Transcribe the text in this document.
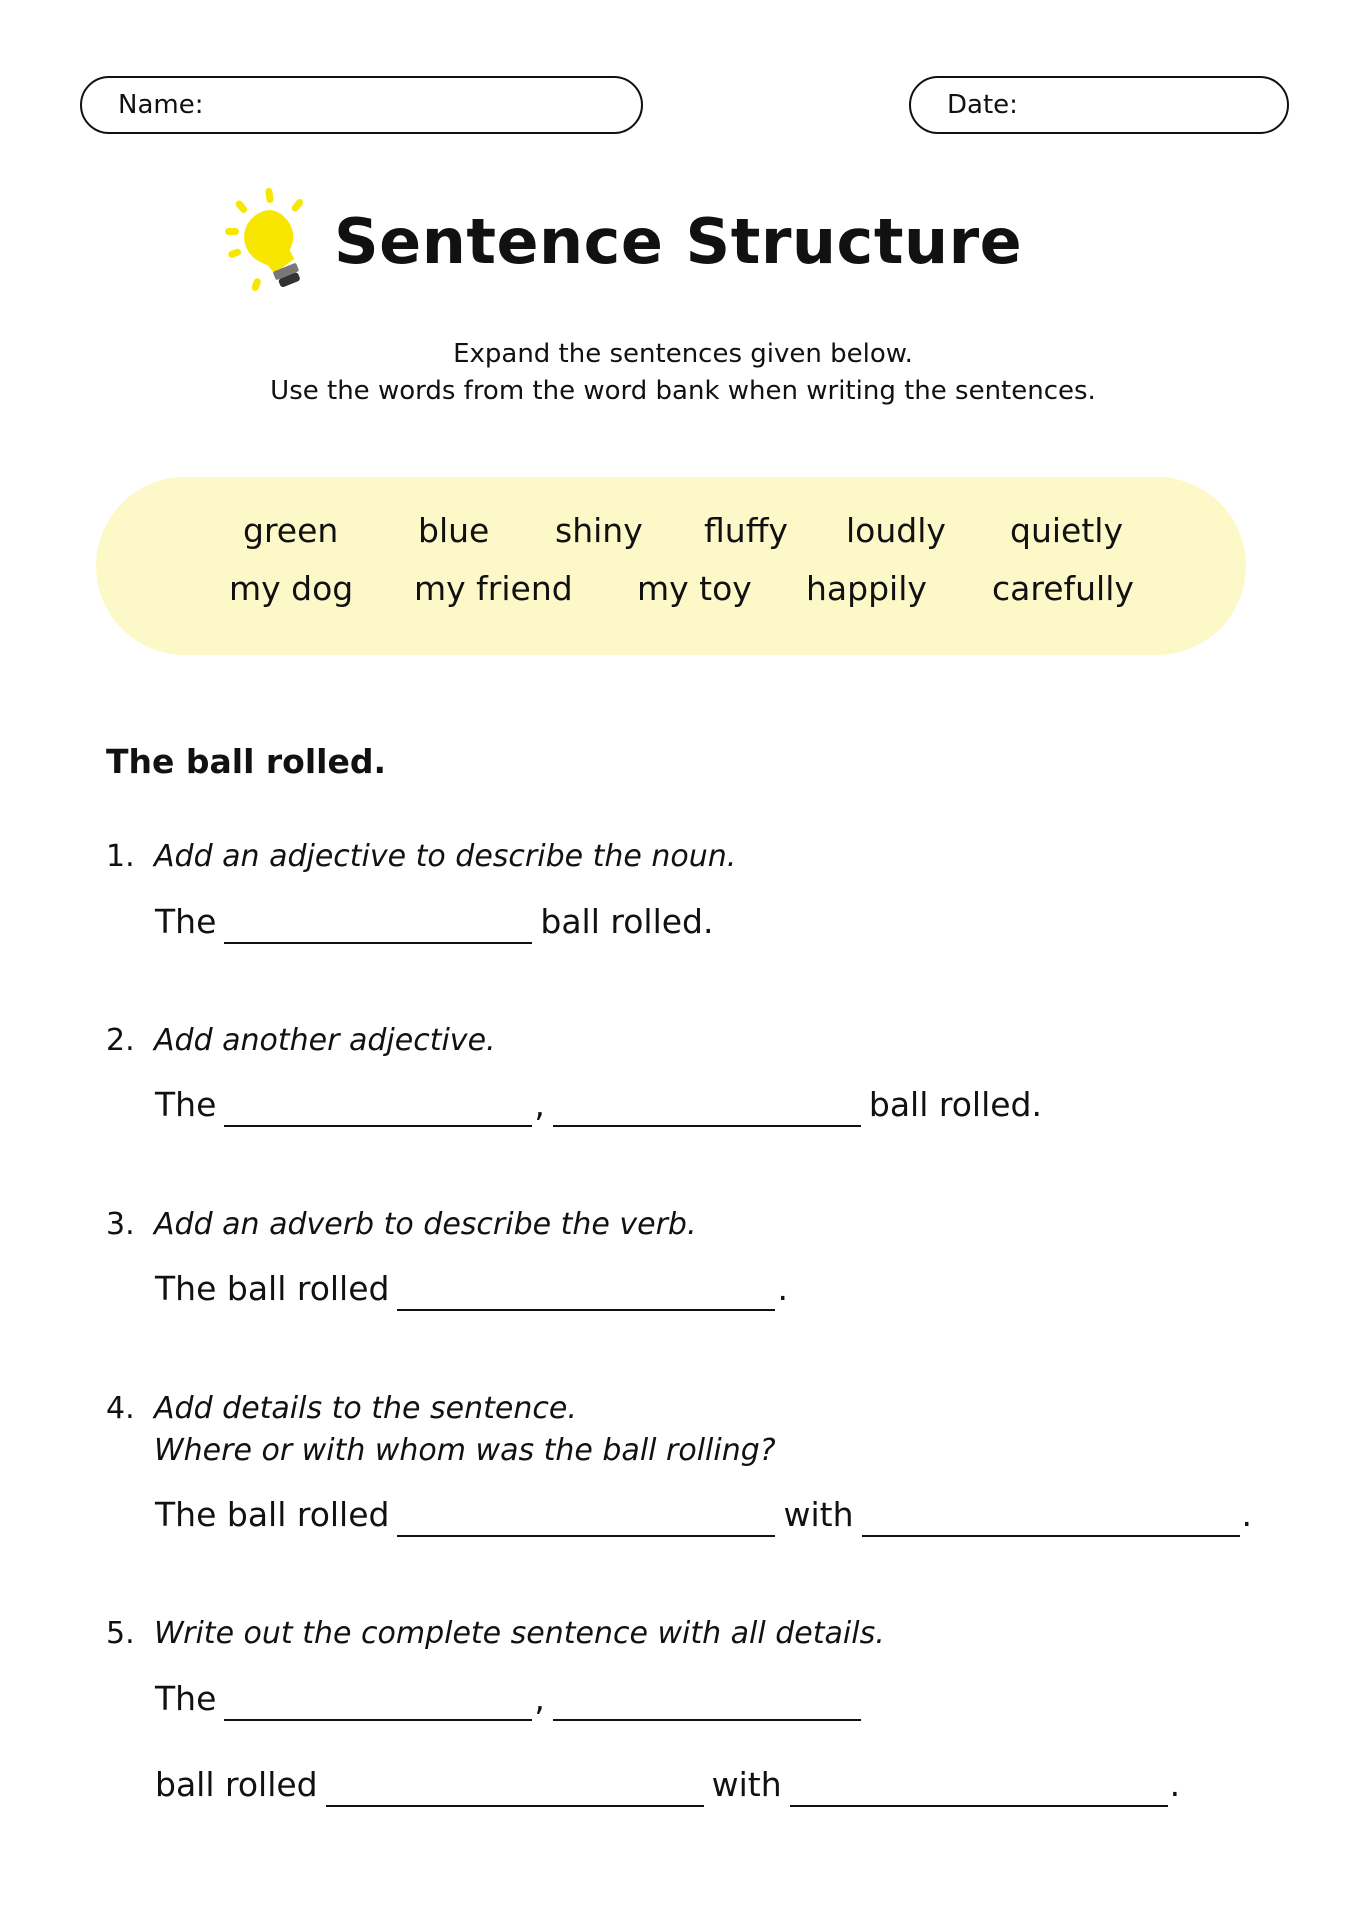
Name:	Date:
Sentence Structure
Expand the sentences given below.
Use the words from the word bank when writing the sentences.
green blue shiny fluffy loudly quietly
my dog my friend my toy happily carefully
The ball rolled.
1. Add an adjective to describe the noun.
The	ball rolled.
2. Add another adjective.
The	,	ball rolled.
3. Add an adverb to describe the verb.
The ball rolled	.
4. Add details to the sentence.
Where or with whom was the ball rolling?
The ball rolled	with	.
5. Write out the complete sentence with all details.
The	,
ball rolled	with	.
